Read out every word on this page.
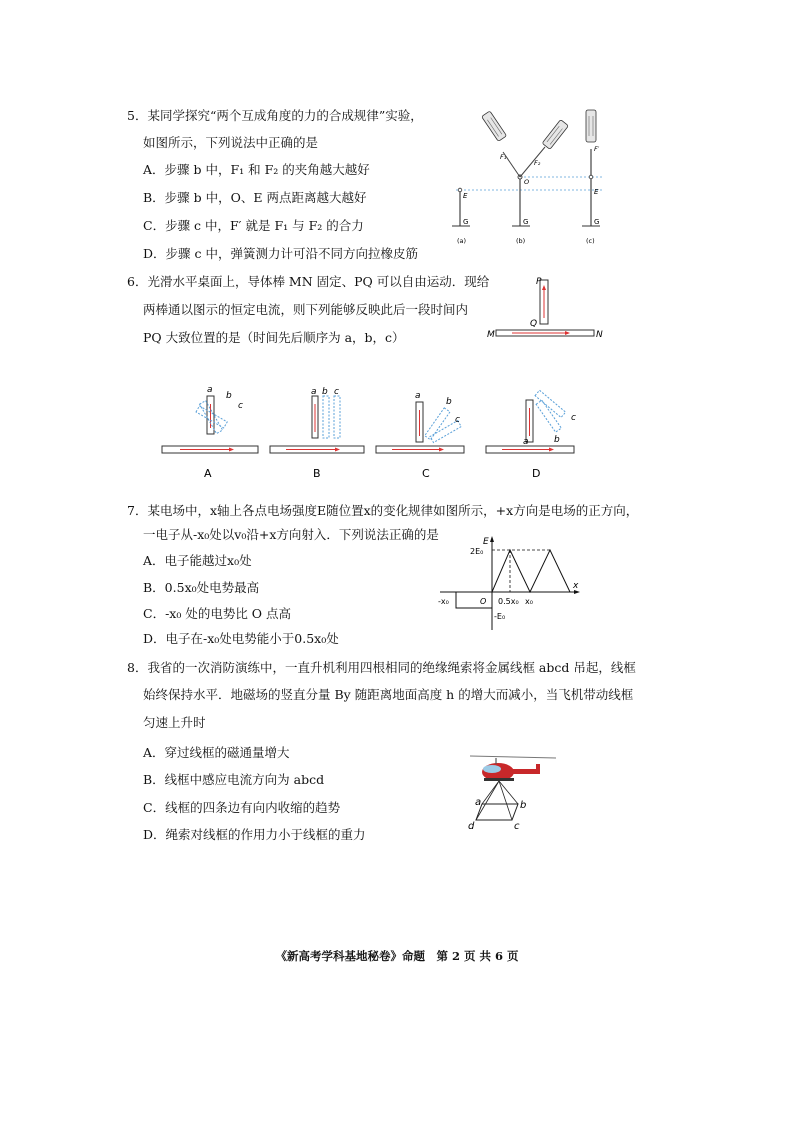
5．某同学探究“两个互成角度的力的合成规律”实验，
如图所示，下列说法中正确的是
A．步骤 b 中，F₁ 和 F₂ 的夹角越大越好
B．步骤 b 中，O、E 两点距离越大越好
C．步骤 c 中，F′ 就是 F₁ 与 F₂ 的合力
D．步骤 c 中，弹簧测力计可沿不同方向拉橡皮筋
E
G
(a)
F₁
F₂
O
G
(b)
F′
E
G
(c)
6．光滑水平桌面上，导体棒 MN 固定、PQ 可以自由运动．现给
两棒通以图示的恒定电流，则下列能够反映此后一段时间内
PQ 大致位置的是（时间先后顺序为 a，b，c）
P
Q
M	N
a
b
c
A
a b c
B
a
b
c
C
a	b
c
D
7．某电场中，x轴上各点电场强度E随位置x的变化规律如图所示，+x方向是电场的正方向，
一电子从-x₀处以v₀沿+x方向射入．下列说法正确的是
A．电子能越过x₀处
B．0.5x₀处电势最高
C．-x₀ 处的电势比 O 点高
D．电子在-x₀处电势能小于0.5x₀处
E
x
2E₀
-E₀
-x₀	O 0.5x₀ x₀
8．我省的一次消防演练中，一直升机利用四根相同的绝缘绳索将金属线框 abcd 吊起，线框
始终保持水平．地磁场的竖直分量 By 随距离地面高度 h 的增大而减小，当飞机带动线框
匀速上升时
A．穿过线框的磁通量增大
B．线框中感应电流方向为 abcd
C．线框的四条边有向内收缩的趋势
D．绳索对线框的作用力小于线框的重力
a	b
c
d
《新高考学科基地秘卷》命题　第 2 页 共 6 页
